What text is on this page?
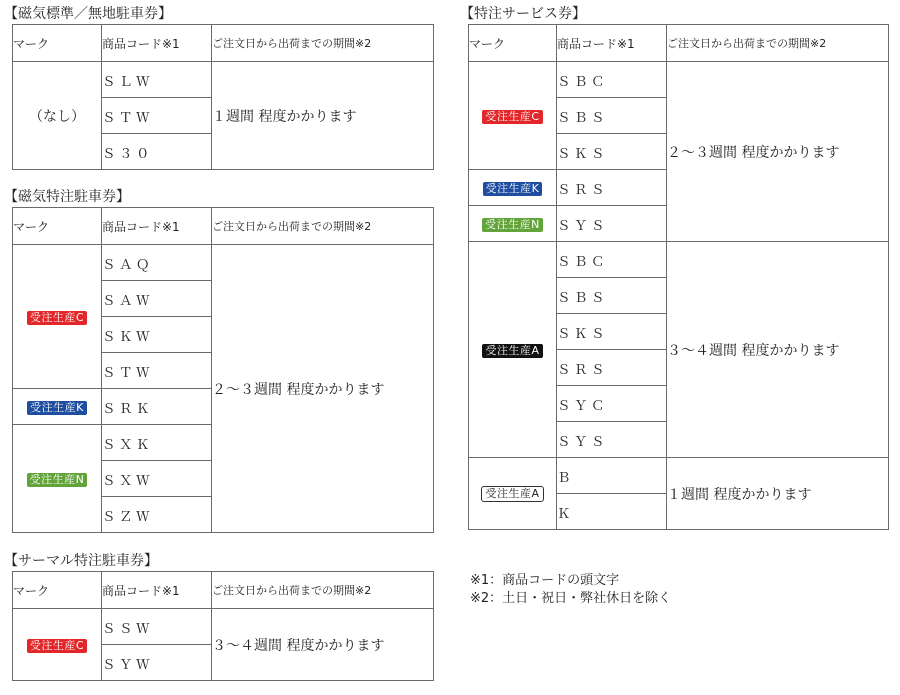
【磁気標準／無地駐車券】
マーク	商品コード※1	ご注文日から出荷までの期間※2
（なし）	ＳＬＷ	１週間 程度かかります
	ＳＴＷ	
	Ｓ３０	
【磁気特注駐車券】
マーク	商品コード※1	ご注文日から出荷までの期間※2
受注生産C	ＳＡＱ	２～３週間 程度かかります
	ＳＡＷ	
	ＳＫＷ	
	ＳＴＷ	
受注生産K	ＳＲＫ	
受注生産N	ＳＸＫ	
	ＳＸＷ	
	ＳＺＷ	
【サーマル特注駐車券】
マーク	商品コード※1	ご注文日から出荷までの期間※2
受注生産C	ＳＳＷ	３～４週間 程度かかります
	ＳＹＷ	
【特注サービス券】
マーク	商品コード※1	ご注文日から出荷までの期間※2
受注生産C	ＳＢＣ	２～３週間 程度かかります
	ＳＢＳ	
	ＳＫＳ	
受注生産K	ＳＲＳ	
受注生産N	ＳＹＳ	
受注生産A	ＳＢＣ	３～４週間 程度かかります
	ＳＢＳ	
	ＳＫＳ	
	ＳＲＳ	
	ＳＹＣ	
	ＳＹＳ	
受注生産A	Ｂ	１週間 程度かかります
	Ｋ	
※1：商品コードの頭文字
※2：土日・祝日・弊社休日を除く
